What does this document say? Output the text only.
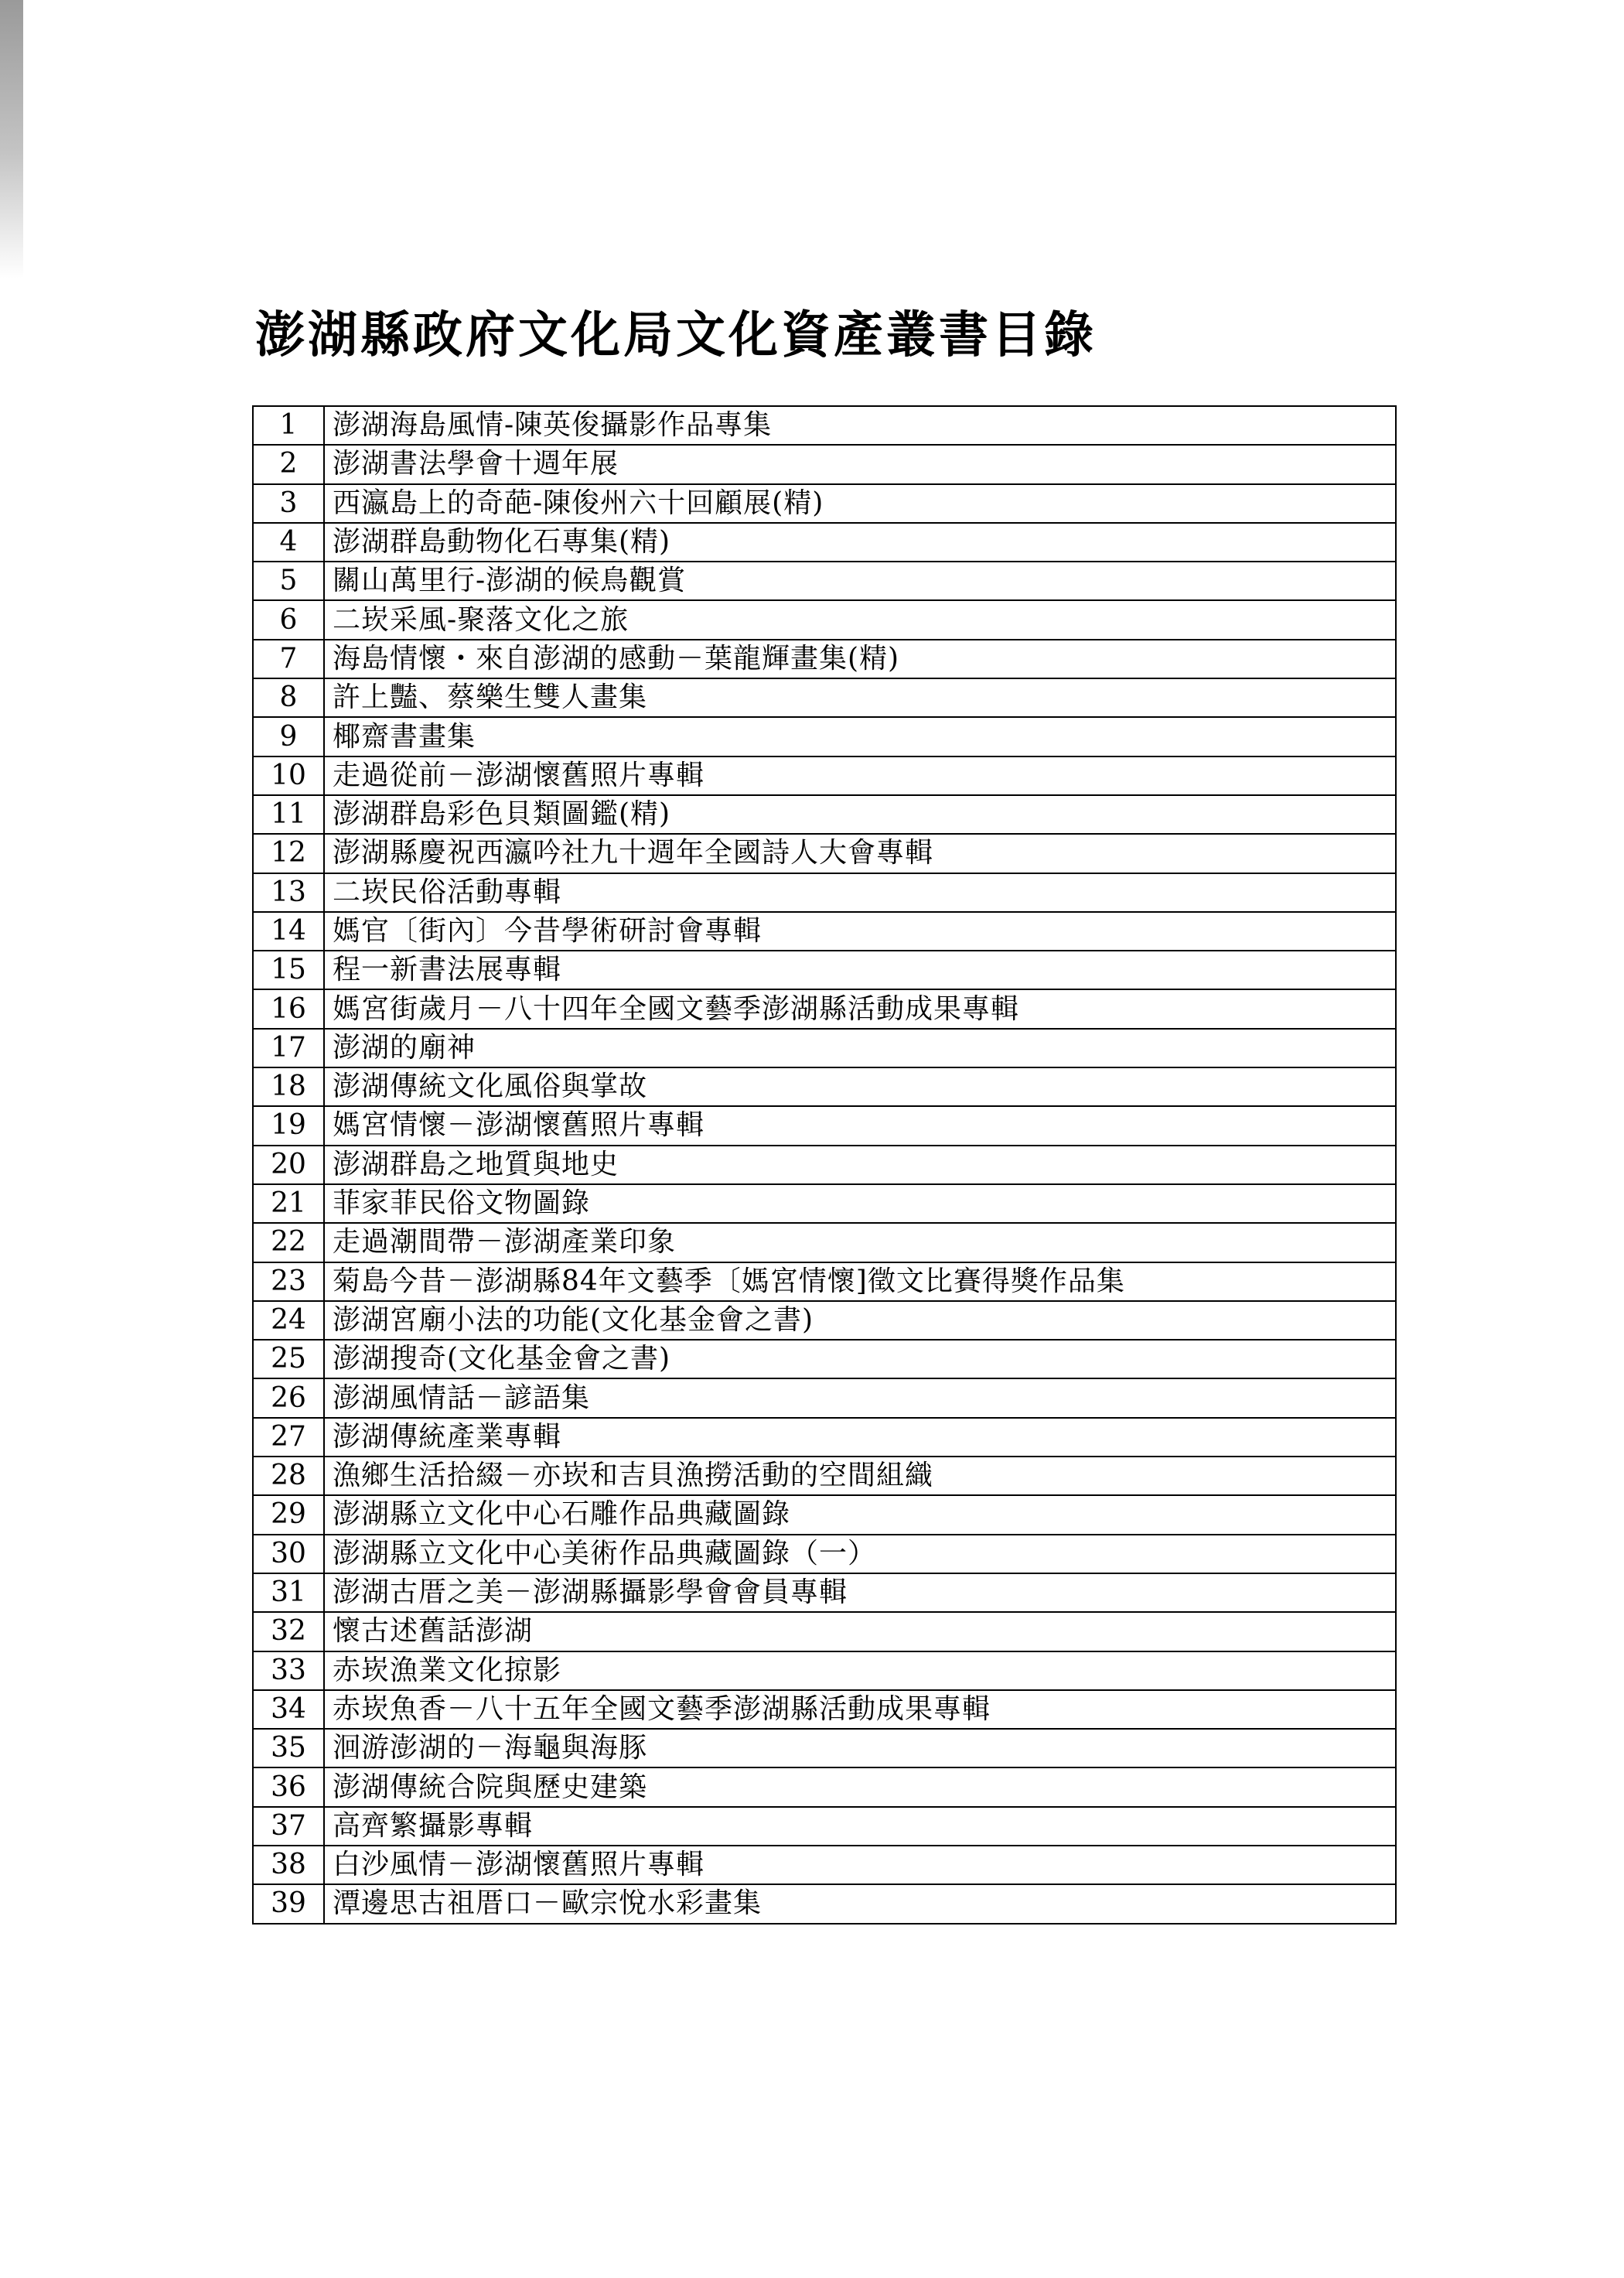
澎湖縣政府文化局文化資產叢書目錄
1	澎湖海島風情-陳英俊攝影作品專集
2	澎湖書法學會十週年展
3	西瀛島上的奇葩-陳俊州六十回顧展(精)
4	澎湖群島動物化石專集(精)
5	關山萬里行-澎湖的候鳥觀賞
6	二崁采風-聚落文化之旅
7	海島情懷・來自澎湖的感動－葉龍輝畫集(精)
8	許上豔、蔡樂生雙人畫集
9	椰齋書畫集
10	走過從前－澎湖懷舊照片專輯
11	澎湖群島彩色貝類圖鑑(精)
12	澎湖縣慶祝西瀛吟社九十週年全國詩人大會專輯
13	二崁民俗活動專輯
14	媽官〔街內〕今昔學術研討會專輯
15	程一新書法展專輯
16	媽宮街歲月－八十四年全國文藝季澎湖縣活動成果專輯
17	澎湖的廟神
18	澎湖傳統文化風俗與掌故
19	媽宮情懷－澎湖懷舊照片專輯
20	澎湖群島之地質與地史
21	菲家菲民俗文物圖錄
22	走過潮間帶－澎湖產業印象
23	菊島今昔－澎湖縣84年文藝季〔媽宮情懷]徵文比賽得獎作品集
24	澎湖宮廟小法的功能(文化基金會之書)
25	澎湖搜奇(文化基金會之書)
26	澎湖風情話－諺語集
27	澎湖傳統產業專輯
28	漁鄉生活拾綴－亦崁和吉貝漁撈活動的空間組織
29	澎湖縣立文化中心石雕作品典藏圖錄
30	澎湖縣立文化中心美術作品典藏圖錄（一）
31	澎湖古厝之美－澎湖縣攝影學會會員專輯
32	懷古述舊話澎湖
33	赤崁漁業文化掠影
34	赤崁魚香－八十五年全國文藝季澎湖縣活動成果專輯
35	洄游澎湖的－海龜與海豚
36	澎湖傳統合院與歷史建築
37	高齊繁攝影專輯
38	白沙風情－澎湖懷舊照片專輯
39	潭邊思古祖厝口－歐宗悅水彩畫集
